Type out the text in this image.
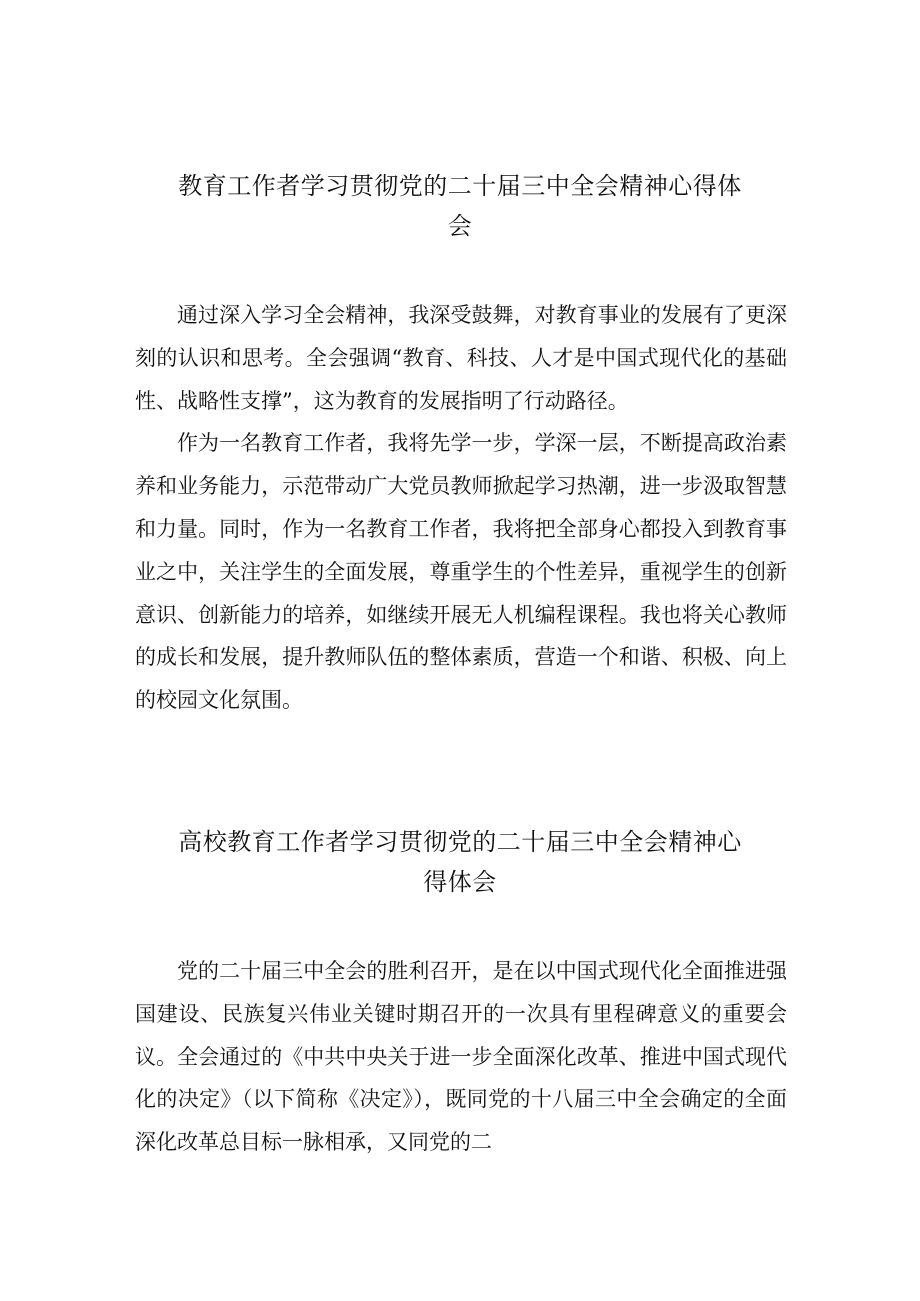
教育工作者学习贯彻党的二十届三中全会精神心得体
会

通过深入学习全会精神，我深受鼓舞，对教育事业的发展有了更深刻的认识和思考。全会强调“教育、科技、人才是中国式现代化的基础性、战略性支撑”，这为教育的发展指明了行动路径。

作为一名教育工作者，我将先学一步，学深一层，不断提高政治素养和业务能力，示范带动广大党员教师掀起学习热潮，进一步汲取智慧和力量。同时，作为一名教育工作者，我将把全部身心都投入到教育事业之中，关注学生的全面发展，尊重学生的个性差异，重视学生的创新意识、创新能力的培养，如继续开展无人机编程课程。我也将关心教师的成长和发展，提升教师队伍的整体素质，营造一个和谐、积极、向上的校园文化氛围。

高校教育工作者学习贯彻党的二十届三中全会精神心
得体会

党的二十届三中全会的胜利召开，是在以中国式现代化全面推进强国建设、民族复兴伟业关键时期召开的一次具有里程碑意义的重要会议。全会通过的《中共中央关于进一步全面深化改革、推进中国式现代化的决定》（以下简称《决定》），既同党的十八届三中全会确定的全面深化改革总目标一脉相承，又同党的二
